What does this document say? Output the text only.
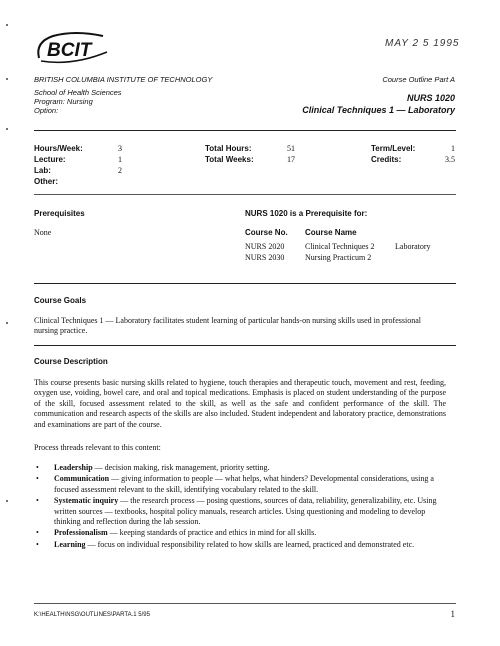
BCIT	MAY 2 5 1995
BRITISH COLUMBIA INSTITUTE OF TECHNOLOGY	Course Outline Part A
School of Health Sciences
Program: Nursing
Option:
NURS 1020
Clinical Techniques 1 — Laboratory
Hours/Week:	3
Lecture:	1
Lab:	2
Other:
Total Hours:	51
Total Weeks:	17
Term/Level:	1
Credits:	3.5
Prerequisites
None
NURS 1020 is a Prerequisite for:
Course No. Course Name
NURS 2020	Clinical Techniques 2	Laboratory
NURS 2030	Nursing Practicum 2
Course Goals
Clinical Techniques 1 — Laboratory facilitates student learning of particular hands-on nursing skills used in professional nursing practice.
Course Description
This course presents basic nursing skills related to hygiene, touch therapies and therapeutic touch, movement and rest, feeding, oxygen use, voiding, bowel care, and oral and topical medications. Emphasis is placed on student understanding of the purpose of the skill, focused assessment related to the skill, as well as the safe and confident performance of the skill. The communication and research aspects of the skills are also included. Student independent and laboratory practice, demonstrations and examinations are part of the course.
Process threads relevant to this content:
• Leadership — decision making, risk management, priority setting.
• Communication — giving information to people — what helps, what hinders? Developmental considerations, using a focused assessment relevant to the skill, identifying vocabulary related to the skill.
• Systematic inquiry — the research process — posing questions, sources of data, reliability, generalizability, etc. Using written sources — textbooks, hospital policy manuals, research articles. Using questioning and modeling to develop thinking and reflection during the lab session.
• Professionalism — keeping standards of practice and ethics in mind for all skills.
• Learning — focus on individual responsibility related to how skills are learned, practiced and demonstrated etc.
K:\HEALTH\NSG\OUTLINES\PARTA.1 5/95	1
